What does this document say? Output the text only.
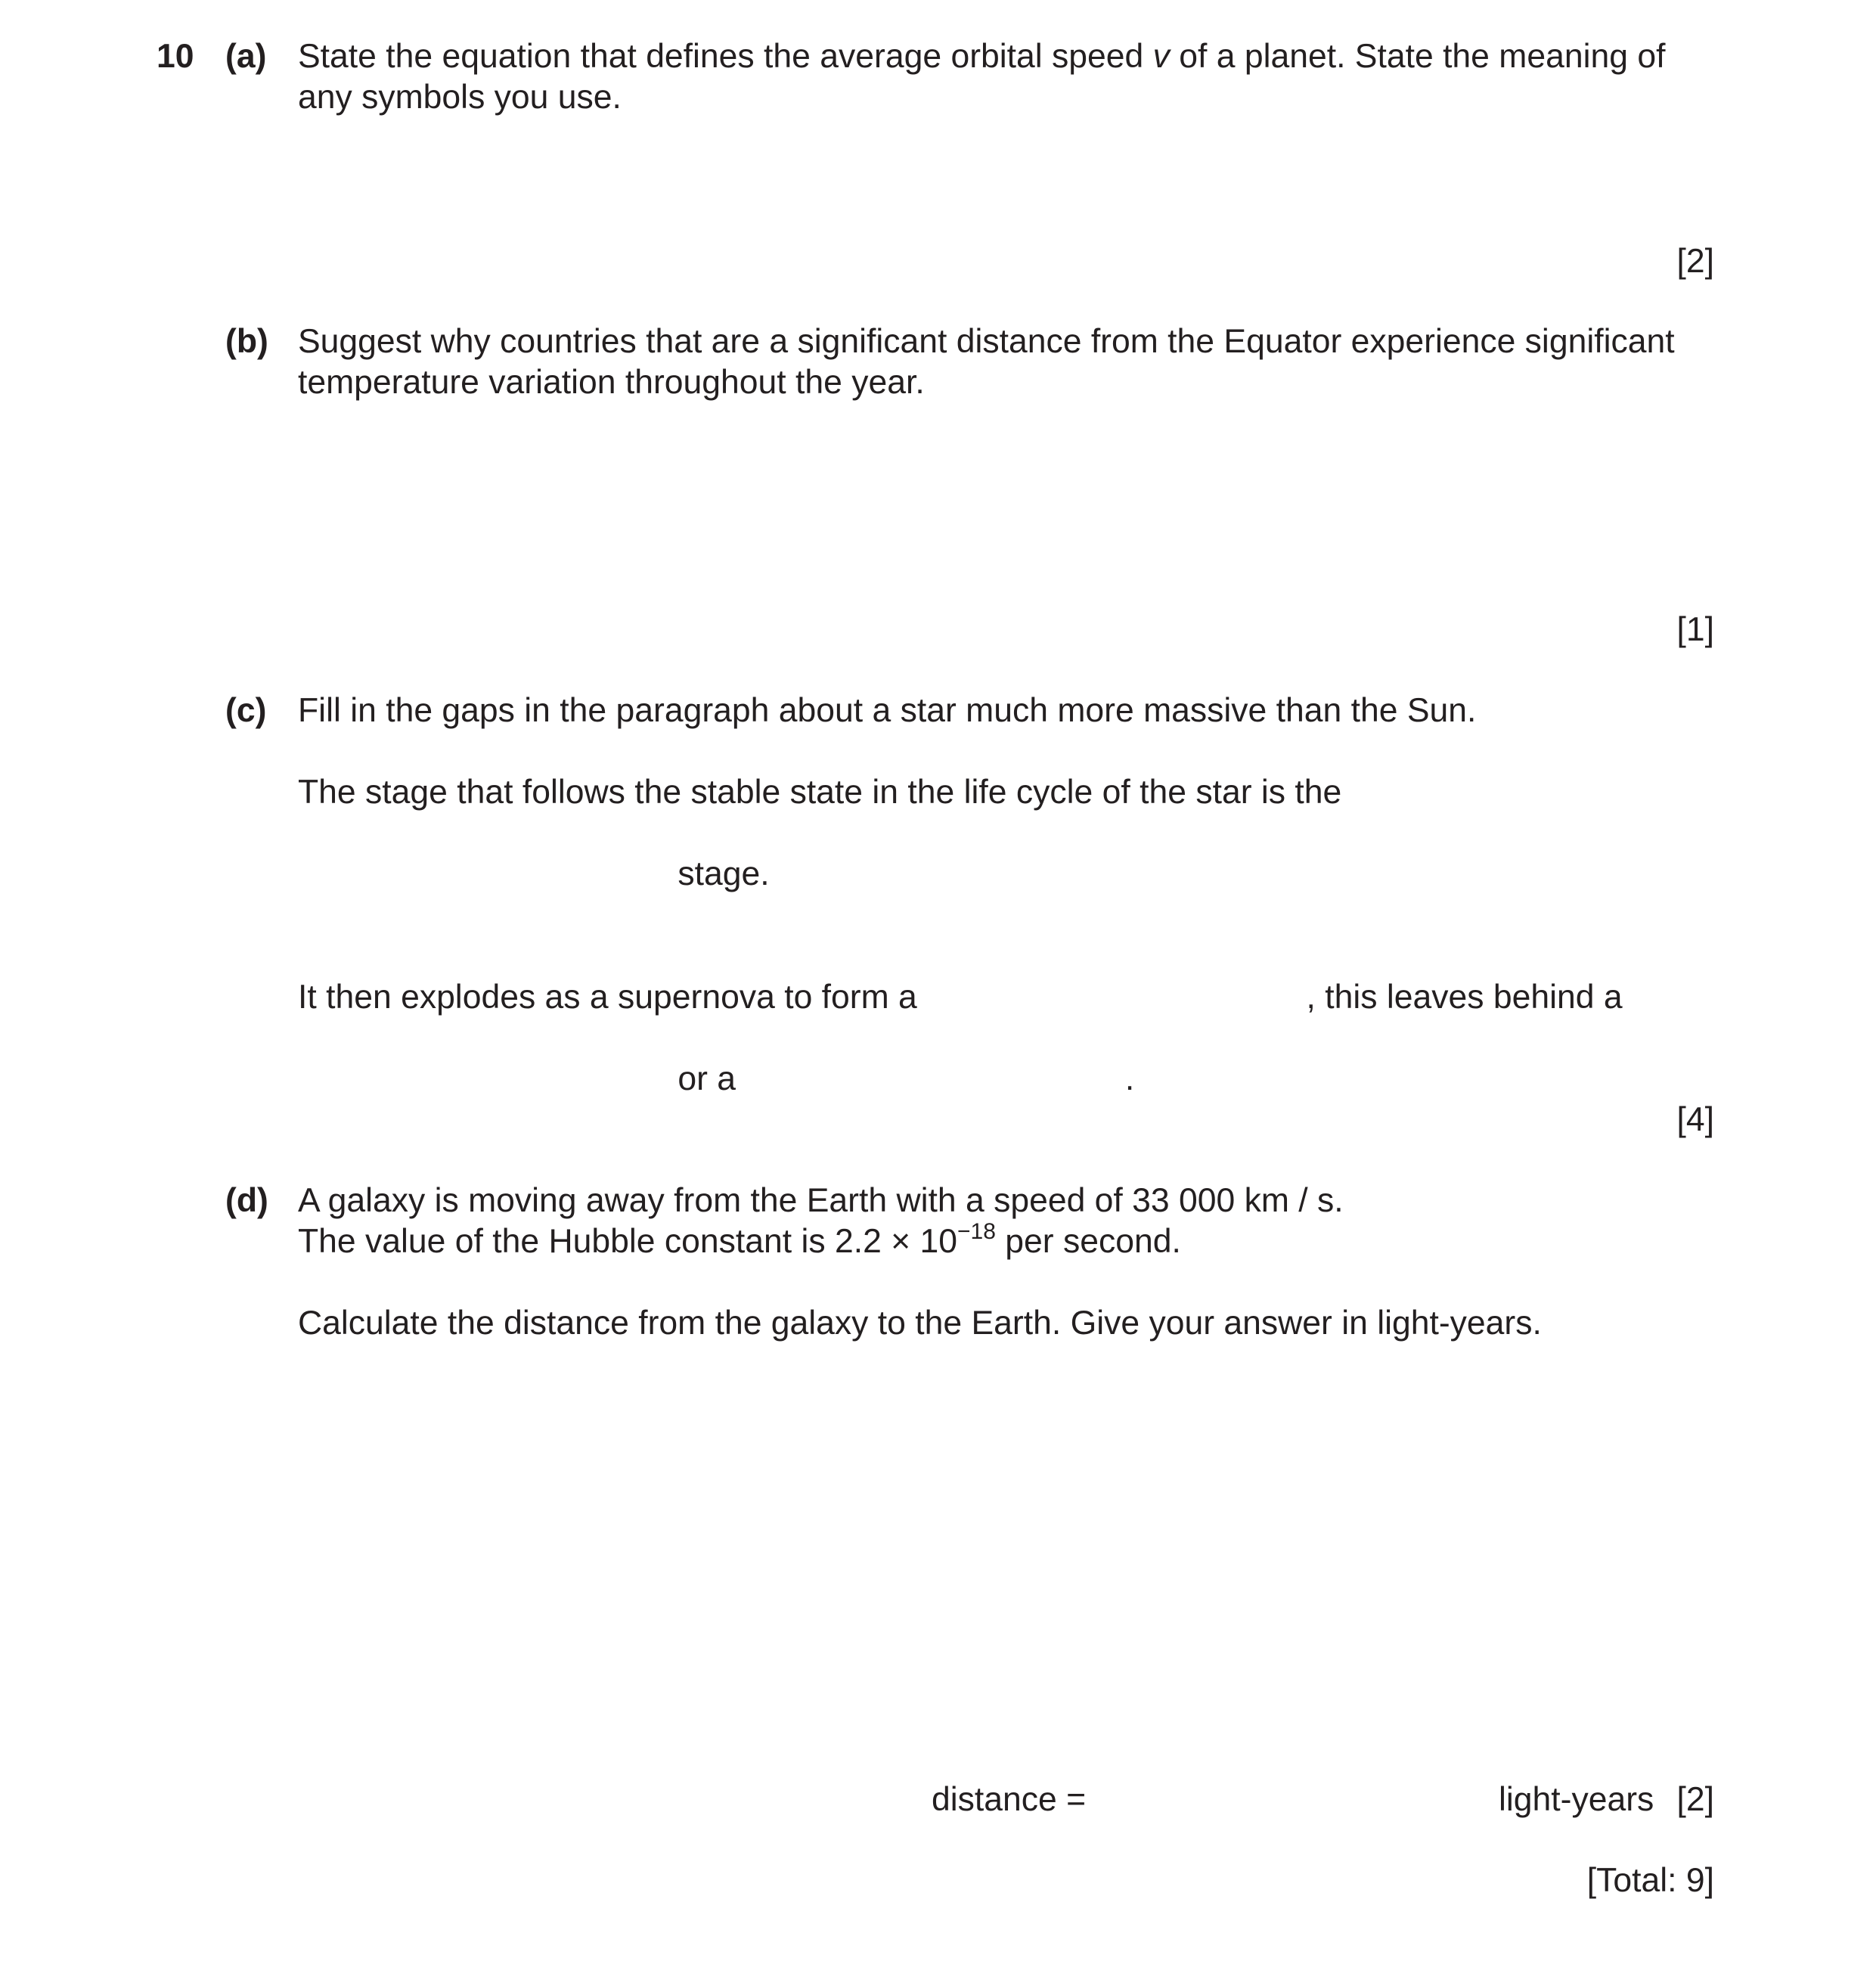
10 (a) State the equation that defines the average orbital speed v of a planet. State the meaning of
any symbols you use.
[2]
(b) Suggest why countries that are a significant distance from the Equator experience significant
temperature variation throughout the year.
[1]
(c) Fill in the gaps in the paragraph about a star much more massive than the Sun.
The stage that follows the stable state in the life cycle of the star is the
stage.
It then explodes as a supernova to form a	, this leaves behind a
or a	.
[4]
(d) A galaxy is moving away from the Earth with a speed of 33 000 km / s.
The value of the Hubble constant is $2.2 \times 10^{-18}$ per second.
Calculate the distance from the galaxy to the Earth. Give your answer in light-years.
distance =	light-years [2]
[Total: 9]
